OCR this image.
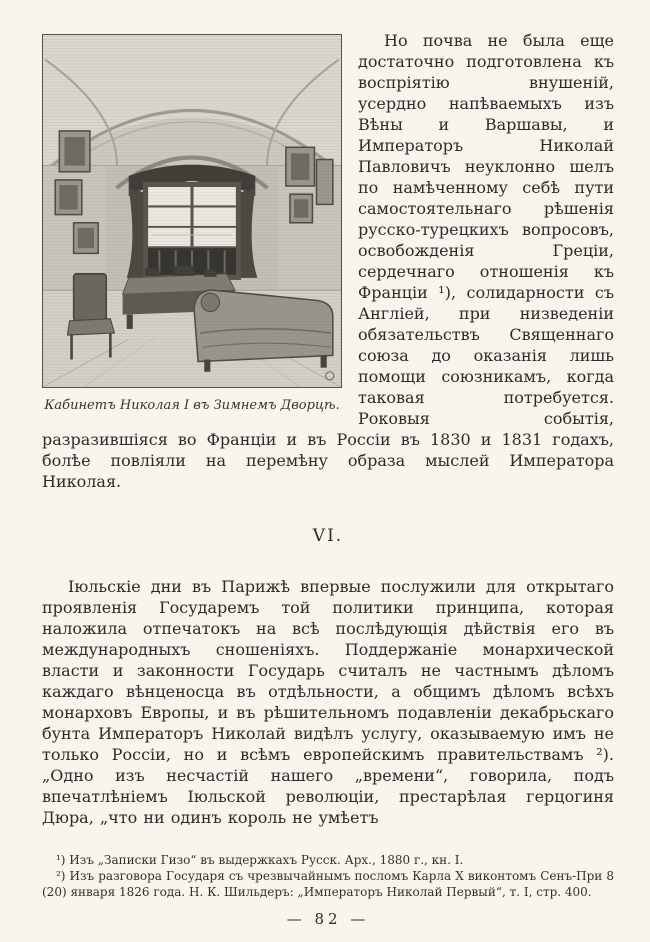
Кабинетъ Николая I въ Зимнемъ Дворцѣ.

Но почва не была еще достаточно подготовлена къ воспріятію внушеній, усердно напѣваемыхъ изъ Вѣны и Варшавы, и Императоръ Николай Павловичъ неуклонно шелъ по намѣченному себѣ пути самостоятельнаго рѣшенія русско-турецкихъ вопросовъ, освобожденія Греціи, сердечнаго отношенія къ Франціи ¹), солидарности съ Англіей, при низведеніи обязательствъ Священнаго союза до оказанія лишь помощи союзникамъ, когда таковая потребуется. Роковыя событія, разразившіяся во Франціи и въ Россіи въ 1830 и 1831 годахъ, болѣе повліяли на перемѣну образа мыслей Императора Николая.

VI.

Іюльскіе дни въ Парижѣ впервые послужили для открытаго проявленія Государемъ той политики принципа, которая наложила отпечатокъ на всѣ послѣдующія дѣйствія его въ международныхъ сношеніяхъ. Поддержаніе монархической власти и законности Государь считалъ не частнымъ дѣломъ каждаго вѣнценосца въ отдѣльности, а общимъ дѣломъ всѣхъ монарховъ Европы, и въ рѣшительномъ подавленіи декабрьскаго бунта Императоръ Николай видѣлъ услугу, оказываемую имъ не только Россіи, но и всѣмъ европейскимъ правительствамъ ²). „Одно изъ несчастій нашего „времени“, говорила, подъ впечатлѣніемъ Іюльской революціи, престарѣлая герцогиня Дюра, „что ни одинъ король не умѣетъ

¹) Изъ „Записки Гизо“ въ выдержкахъ Русск. Арх., 1880 г., кн. I.

²) Изъ разговора Государя съ чрезвычайнымъ посломъ Карла X виконтомъ Сенъ-При 8 (20) января 1826 года. Н. К. Шильдеръ: „Императоръ Николай Первый“, т. I, стр. 400.

— 82 —
